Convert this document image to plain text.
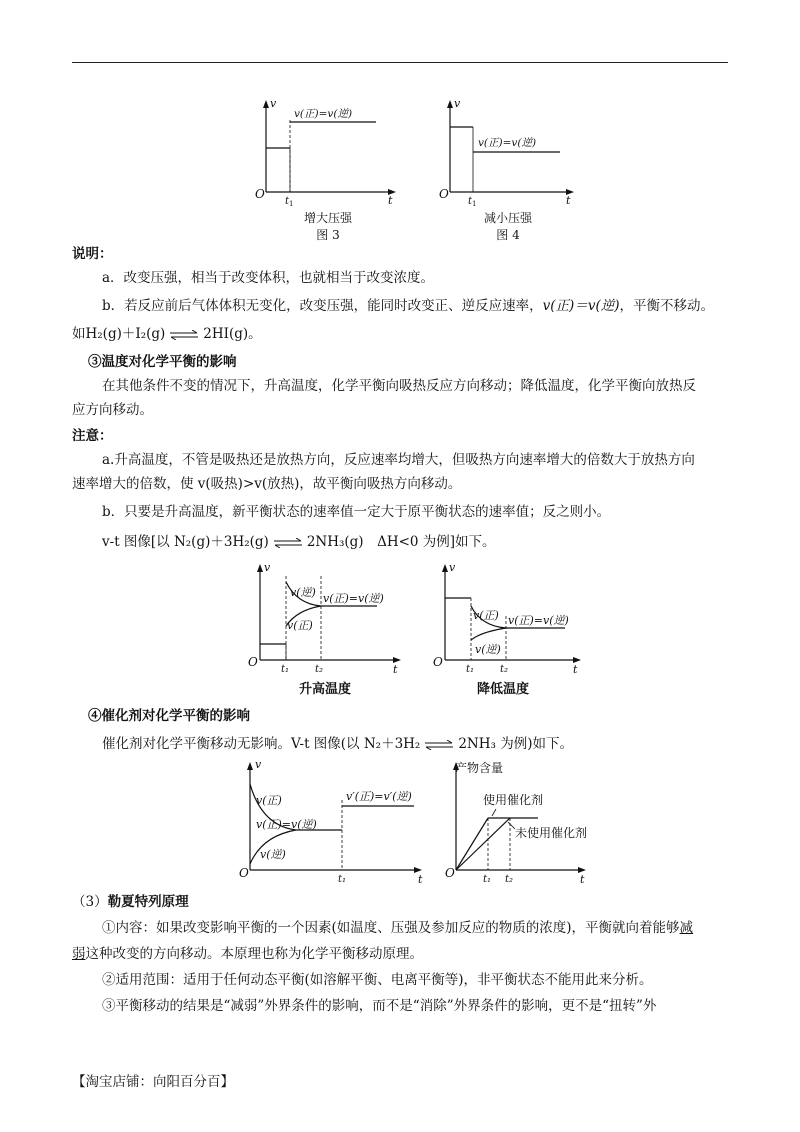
v
t
O
v(正)=v(逆)
$t_1$
增大压强
图 3
v
t
O
v(正)=v(逆)
$t_1$
减小压强
图 4
说明：
a．改变压强，相当于改变体积，也就相当于改变浓度。
b．若反应前后气体体积无变化，改变压强，能同时改变正、逆反应速率，v(正)＝v(逆)，平衡不移动。
如H₂(g)＋I₂(g) ⇌ 2HI(g)。
③温度对化学平衡的影响
在其他条件不变的情况下，升高温度，化学平衡向吸热反应方向移动；降低温度，化学平衡向放热反
应方向移动。
注意：
a.升高温度，不管是吸热还是放热方向，反应速率均增大，但吸热方向速率增大的倍数大于放热方向
速率增大的倍数，使 v(吸热)>v(放热)，故平衡向吸热方向移动。
b．只要是升高温度，新平衡状态的速率值一定大于原平衡状态的速率值；反之则小。
v-t 图像[以 N₂(g)＋3H₂(g) ⇌ 2NH₃(g)　ΔH<0 为例]如下。
v
t
O
v(逆) v(正)=v(逆)
v(正)
t₁	t₂
升高温度
v
t
O
v(正) v(正)=v(逆)
v(逆)
t₁	t₂
降低温度
④催化剂对化学平衡的影响
催化剂对化学平衡移动无影响。V-t 图像(以 N₂＋3H₂ ⇌ 2NH₃ 为例)如下。
v
t
O
v(正)
v(正)=v(逆)
v(逆)
v′(正)=v′(逆)
t₁
产物含量
t
O
使用催化剂
未使用催化剂
t₁ t₂
（3）勒夏特列原理
①内容：如果改变影响平衡的一个因素(如温度、压强及参加反应的物质的浓度)，平衡就向着能够减
弱这种改变的方向移动。本原理也称为化学平衡移动原理。
②适用范围：适用于任何动态平衡(如溶解平衡、电离平衡等)，非平衡状态不能用此来分析。
③平衡移动的结果是“减弱”外界条件的影响，而不是“消除”外界条件的影响，更不是“扭转”外
【淘宝店铺：向阳百分百】
